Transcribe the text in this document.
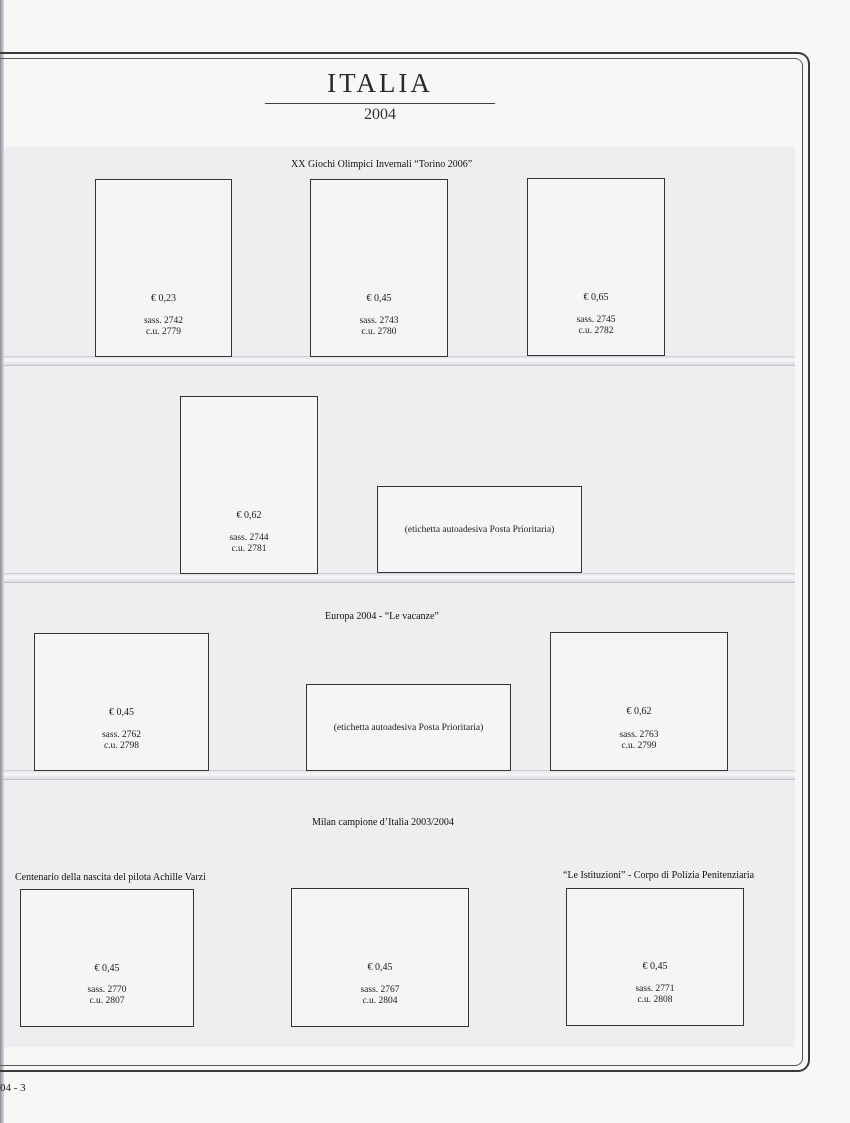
ITALIA
2004
XX Giochi Olimpici Invernali “Torino 2006”
€ 0,23
sass. 2742
c.u. 2779
€ 0,45
sass. 2743
c.u. 2780
€ 0,65
sass. 2745
c.u. 2782
€ 0,62
sass. 2744
c.u. 2781
(etichetta autoadesiva Posta Prioritaria)
Europa 2004 - “Le vacanze”
€ 0,45
sass. 2762
c.u. 2798
(etichetta autoadesiva Posta Prioritaria)
€ 0,62
sass. 2763
c.u. 2799
Milan campione d’Italia 2003/2004
Centenario della nascita del pilota Achille Varzi	“Le Istituzioni” - Corpo di Polizia Penitenziaria
€ 0,45
sass. 2770
c.u. 2807
€ 0,45
sass. 2767
c.u. 2804
€ 0,45
sass. 2771
c.u. 2808
04 - 3
